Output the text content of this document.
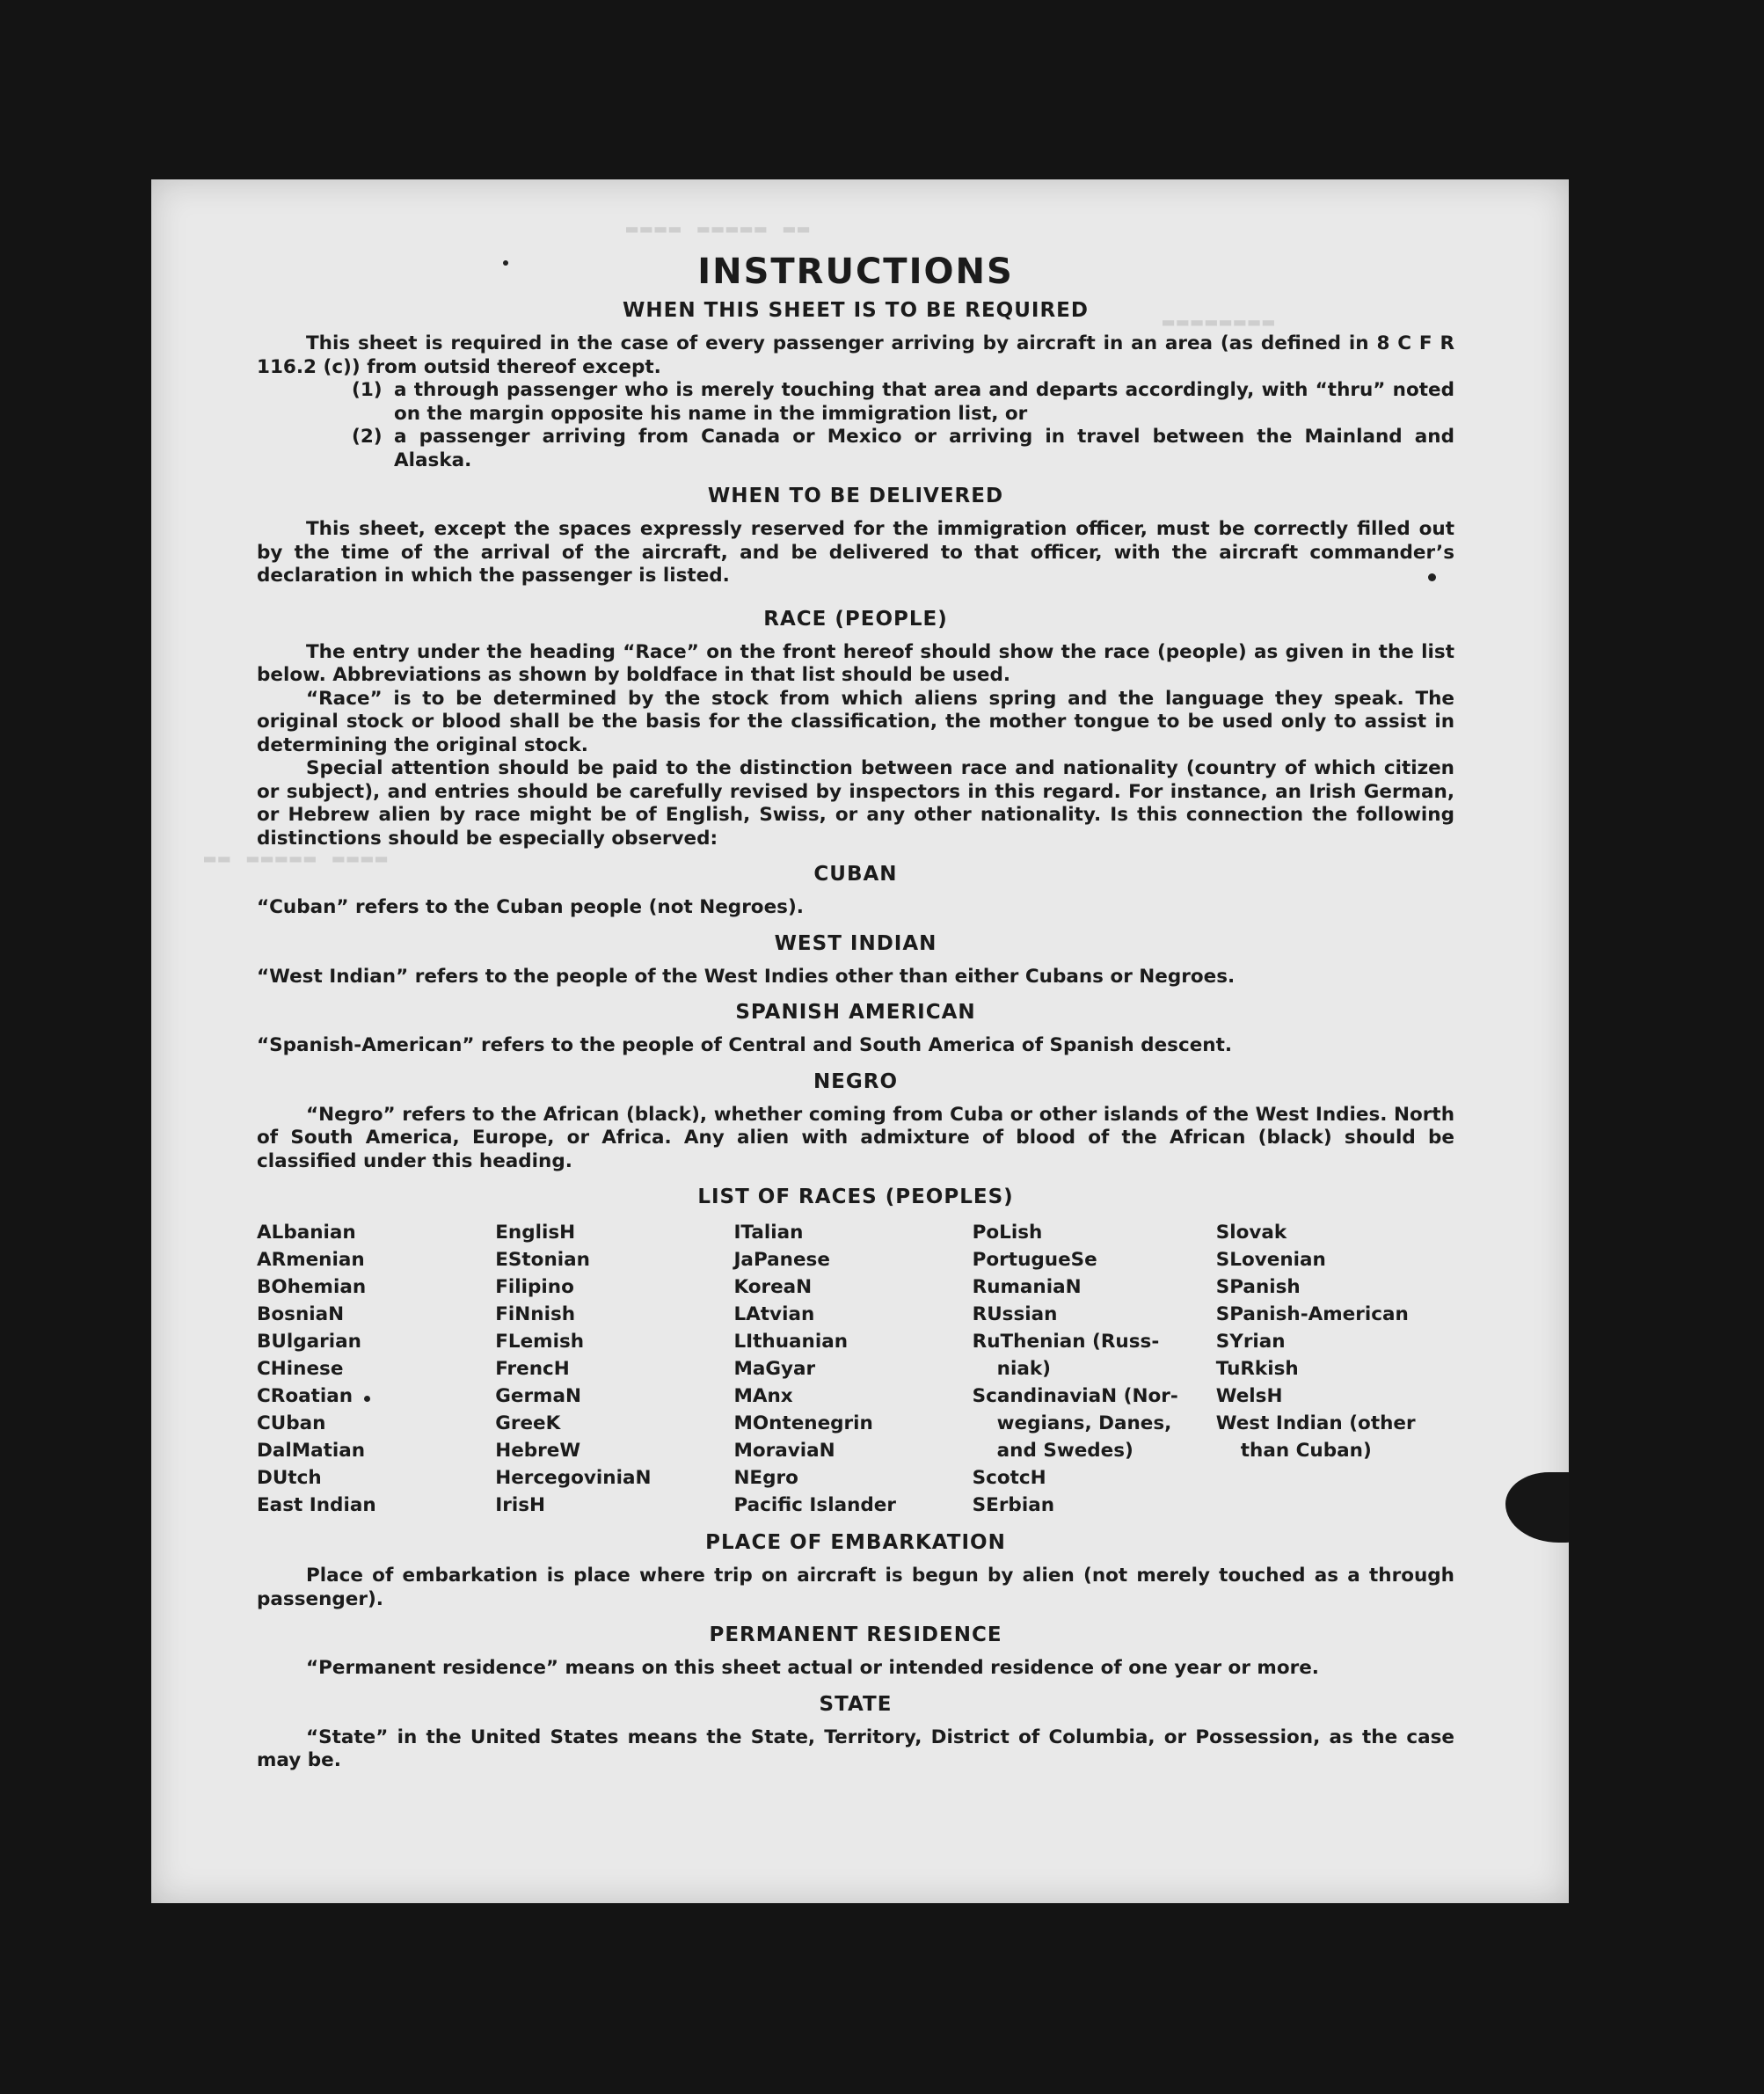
▬▬▬▬ ▬▬▬▬▬ ▬▬
▬▬▬▬▬▬▬▬
▬▬ ▬▬▬▬▬ ▬▬▬▬
INSTRUCTIONS
WHEN THIS SHEET IS TO BE REQUIRED

This sheet is required in the case of every passenger arriving by aircraft in an area (as defined in 8 C F R 116.2 (c)) from outsid thereof except.

(1) a through passenger who is merely touching that area and departs accordingly, with “thru” noted on the margin opposite his name in the immigration list, or
(2) a passenger arriving from Canada or Mexico or arriving in travel between the Mainland and Alaska.
WHEN TO BE DELIVERED

This sheet, except the spaces expressly reserved for the immigration officer, must be correctly filled out by the time of the arrival of the aircraft, and be delivered to that officer, with the aircraft commander’s declaration in which the passenger is listed.

RACE (PEOPLE)

The entry under the heading “Race” on the front hereof should show the race (people) as given in the list below. Abbreviations as shown by boldface in that list should be used.

“Race” is to be determined by the stock from which aliens spring and the language they speak. The original stock or blood shall be the basis for the classification, the mother tongue to be used only to assist in determining the original stock.

Special attention should be paid to the distinction between race and nationality (country of which citizen or subject), and entries should be carefully revised by inspectors in this regard. For instance, an Irish German, or Hebrew alien by race might be of English, Swiss, or any other nationality. Is this connection the following distinctions should be especially observed:

CUBAN

“Cuban” refers to the Cuban people (not Negroes).

WEST INDIAN

“West Indian” refers to the people of the West Indies other than either Cubans or Negroes.

SPANISH AMERICAN

“Spanish-American” refers to the people of Central and South America of Spanish descent.

NEGRO

“Negro” refers to the African (black), whether coming from Cuba or other islands of the West Indies. North of South America, Europe, or Africa. Any alien with admixture of blood of the African (black) should be classified under this heading.

LIST OF RACES (PEOPLES)
ALbanian
ARmenian
BOhemian
BosniaN
BUlgarian
CHinese
CRoatian
CUban
DalMatian
DUtch
East Indian
EnglisH
EStonian
Filipino
FiNnish
FLemish
FrencH
GermaN
GreeK
HebreW
HercegoviniaN
IrisH
ITalian
JaPanese
KoreaN
LAtvian
LIthuanian
MaGyar
MAnx
MOntenegrin
MoraviaN
NEgro
Pacific Islander
PoLish
PortugueSe
RumaniaN
RUssian
RuThenian (Russ-
niak)
ScandinaviaN (Nor-
wegians, Danes,
and Swedes)
ScotcH
SErbian
Slovak
SLovenian
SPanish
SPanish-American
SYrian
TuRkish
WelsH
West Indian (other
than Cuban)
PLACE OF EMBARKATION

Place of embarkation is place where trip on aircraft is begun by alien (not merely touched as a through passenger).

PERMANENT RESIDENCE

“Permanent residence” means on this sheet actual or intended residence of one year or more.

STATE

“State” in the United States means the State, Territory, District of Columbia, or Possession, as the case may be.
